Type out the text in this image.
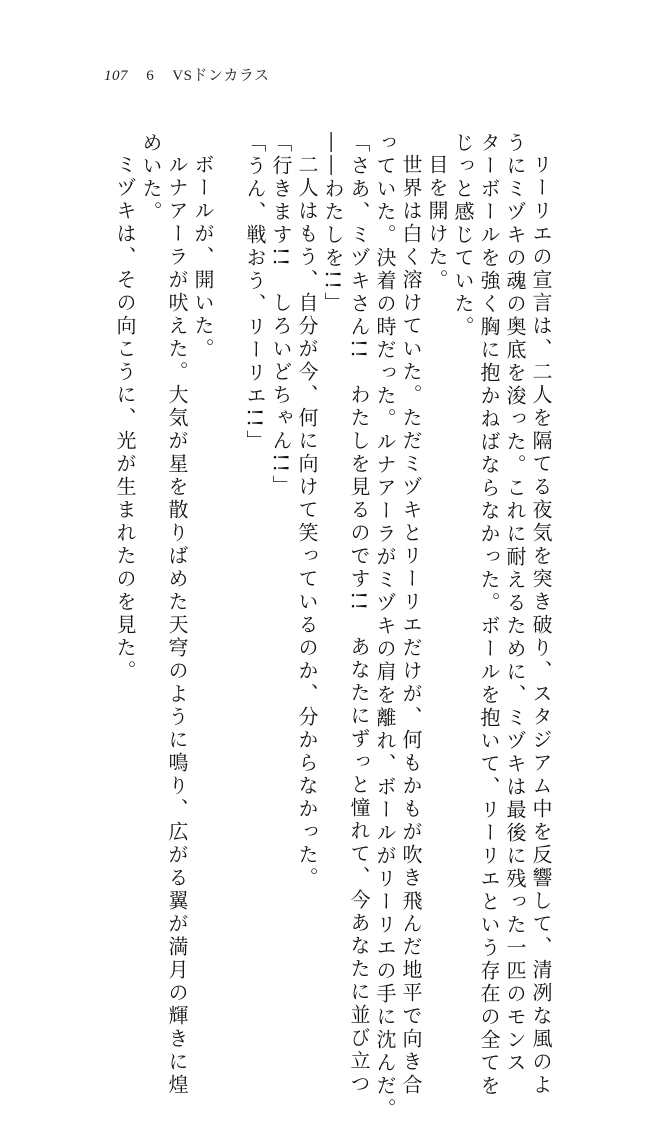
107 6 VSドンカラス
リーリエの宣言は、二人を隔てる夜気を突き破り、スタジアム中を反響して、清冽な風のよ
うにミヅキの魂の奥底を浚った。これに耐えるために、ミヅキは最後に残った一匹のモンス
ターボールを強く胸に抱かねばならなかった。ボールを抱いて、リーリエという存在の全てを
じっと感じていた。
目を開けた。
世界は白く溶けていた。ただミヅキとリーリエだけが、何もかもが吹き飛んだ地平で向き合
っていた。決着の時だった。ルナアーラがミヅキの肩を離れ、ボールがリーリエの手に沈んだ。
「さあ、ミヅキさん!!　わたしを見るのです!!　あなたにずっと憧れて、今あなたに並び立つ
――わたしを!!」
二人はもう、自分が今、何に向けて笑っているのか、分からなかった。
「行きます!!　しろいどちゃん!!」
「うん、戦おう、リーリエ!!」

ボールが、開いた。
ルナアーラが吠えた。大気が星を散りばめた天穹のように鳴り、広がる翼が満月の輝きに煌
めいた。
ミヅキは、その向こうに、光が生まれたのを見た。
